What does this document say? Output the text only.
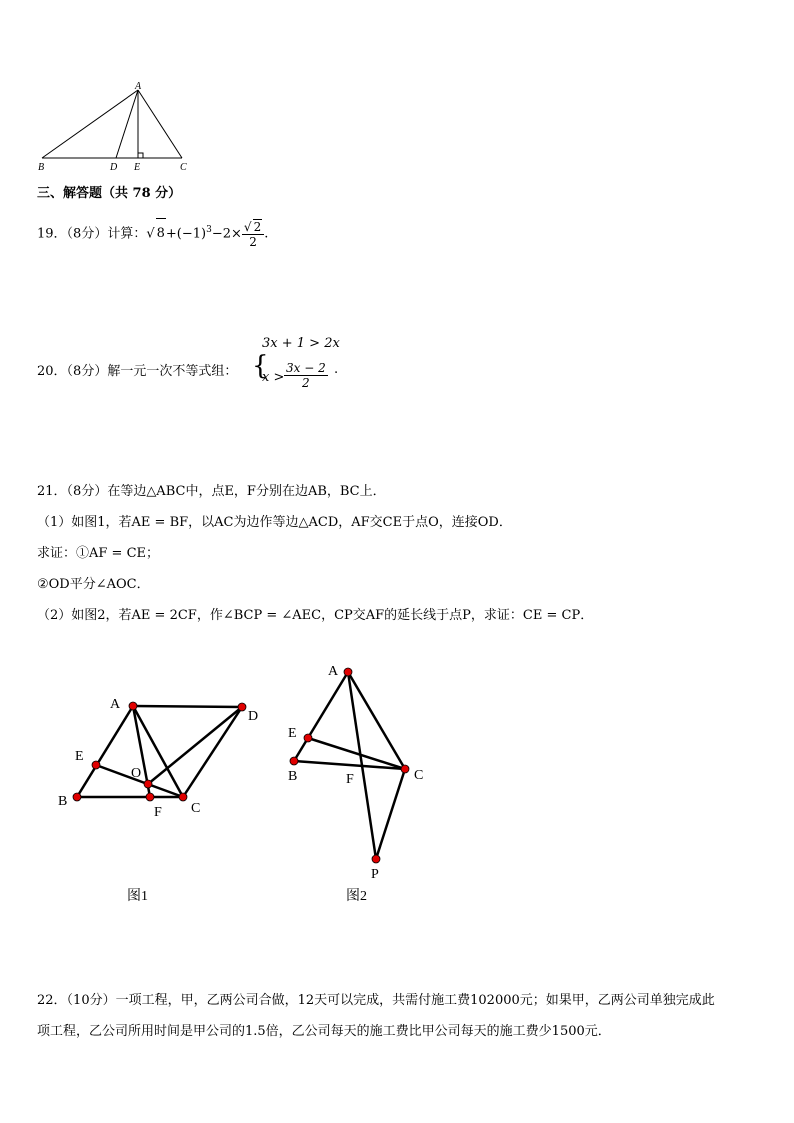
A
B	D E	C
三、解答题（共 78 分）
19．（8分）计算：√ $8+(-1)^3-2\times \frac{√ 2}{2}$ .
20．（8分）解一元一次不等式组： {
3x + 1 > 2x
$x > \frac{3x - 2}{2}$ .
21．（8分）在等边△ABC中，点E，F分别在边AB，BC上．
（1）如图1，若AE = BF，以AC为边作等边△ACD，AF交CE于点O，连接OD．
求证：①AF = CE；
②OD平分∠AOC．
（2）如图2，若AE = 2CF，作∠BCP = ∠AEC，CP交AF的延长线于点P，求证：CE = CP．
A
D
E
B
O
F C
图1
A
E
B	F	C
P
图2
22．（10分）一项工程，甲，乙两公司合做，12天可以完成，共需付施工费102000元；如果甲，乙两公司单独完成此
项工程，乙公司所用时间是甲公司的1.5倍，乙公司每天的施工费比甲公司每天的施工费少1500元．
